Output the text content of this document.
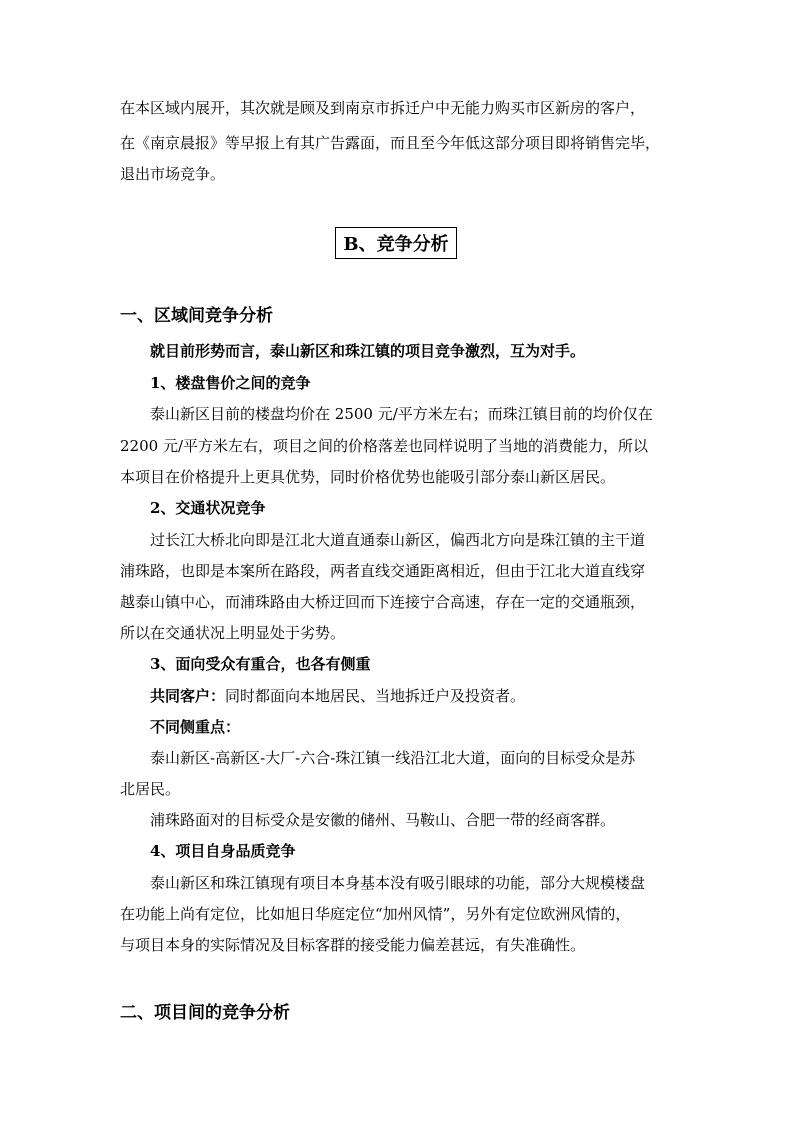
在本区域内展开，其次就是顾及到南京市拆迁户中无能力购买市区新房的客户，
在《南京晨报》等早报上有其广告露面，而且至今年低这部分项目即将销售完毕，
退出市场竞争。
B、竞争分析
一、区域间竞争分析
就目前形势而言，泰山新区和珠江镇的项目竞争激烈，互为对手。
1、楼盘售价之间的竞争
泰山新区目前的楼盘均价在 2500 元/平方米左右；而珠江镇目前的均价仅在
2200 元/平方米左右，项目之间的价格落差也同样说明了当地的消费能力，所以
本项目在价格提升上更具优势，同时价格优势也能吸引部分泰山新区居民。
2、交通状况竞争
过长江大桥北向即是江北大道直通泰山新区，偏西北方向是珠江镇的主干道
浦珠路，也即是本案所在路段，两者直线交通距离相近，但由于江北大道直线穿
越泰山镇中心，而浦珠路由大桥迂回而下连接宁合高速，存在一定的交通瓶颈，
所以在交通状况上明显处于劣势。
3、面向受众有重合，也各有侧重
共同客户：同时都面向本地居民、当地拆迁户及投资者。
不同侧重点：
泰山新区-高新区-大厂-六合-珠江镇一线沿江北大道，面向的目标受众是苏
北居民。
浦珠路面对的目标受众是安徽的储州、马鞍山、合肥一带的经商客群。
4、项目自身品质竞争
泰山新区和珠江镇现有项目本身基本没有吸引眼球的功能，部分大规模楼盘
在功能上尚有定位，比如旭日华庭定位“加州风情”，另外有定位欧洲风情的，
与项目本身的实际情况及目标客群的接受能力偏差甚远，有失准确性。
二、项目间的竞争分析
